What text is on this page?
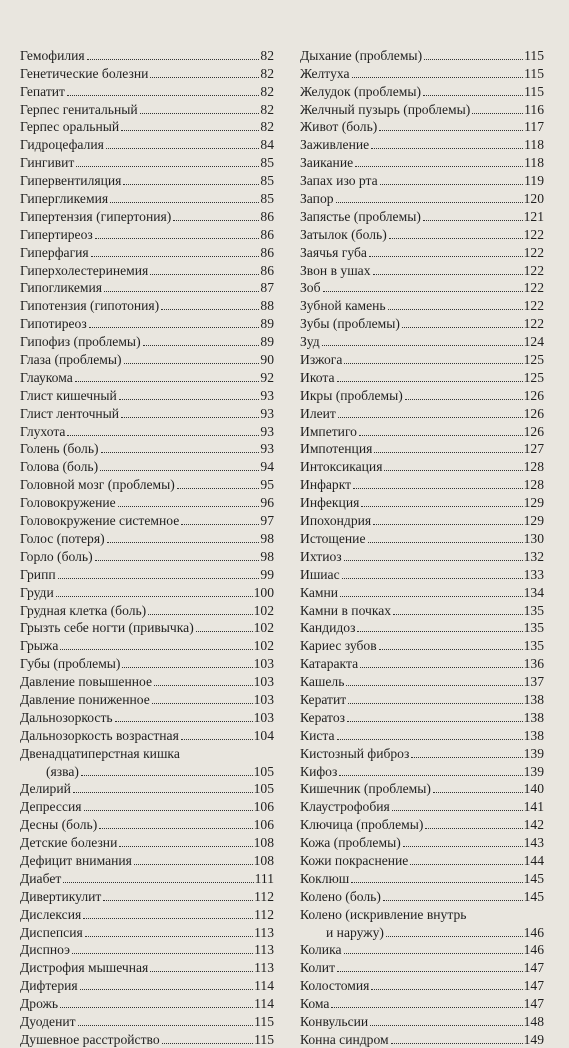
Гемофилия	82
Генетические болезни	82
Гепатит	82
Герпес генитальный	82
Герпес оральный	82
Гидроцефалия	84
Гингивит	85
Гипервентиляция	85
Гипергликемия	85
Гипертензия (гипертония)	86
Гипертиреоз	86
Гиперфагия	86
Гиперхолестеринемия	86
Гипогликемия	87
Гипотензия (гипотония)	88
Гипотиреоз	89
Гипофиз (проблемы)	89
Глаза (проблемы)	90
Глаукома	92
Глист кишечный	93
Глист ленточный	93
Глухота	93
Голень (боль)	93
Голова (боль)	94
Головной мозг (проблемы)	95
Головокружение	96
Головокружение системное	97
Голос (потеря)	98
Горло (боль)	98
Грипп	99
Груди	100
Грудная клетка (боль)	102
Грызть себе ногти (привычка)	102
Грыжа	102
Губы (проблемы)	103
Давление повышенное	103
Давление пониженное	103
Дальнозоркость	103
Дальнозоркость возрастная	104
Двенадцатиперстная кишка
(язва)	105
Делирий	105
Депрессия	106
Десны (боль)	106
Детские болезни	108
Дефицит внимания	108
Диабет	111
Дивертикулит	112
Дислексия	112
Диспепсия	113
Диспноэ	113
Дистрофия мышечная	113
Дифтерия	114
Дрожь	114
Дуоденит	115
Душевное расстройство	115
Дыхание (проблемы)	115
Желтуха	115
Желудок (проблемы)	115
Желчный пузырь (проблемы)	116
Живот (боль)	117
Заживление	118
Заикание	118
Запах изо рта	119
Запор	120
Запястье (проблемы)	121
Затылок (боль)	122
Заячья губа	122
Звон в ушах	122
Зоб	122
Зубной камень	122
Зубы (проблемы)	122
Зуд	124
Изжога	125
Икота	125
Икры (проблемы)	126
Илеит	126
Импетиго	126
Импотенция	127
Интоксикация	128
Инфаркт	128
Инфекция	129
Ипохондрия	129
Истощение	130
Ихтиоз	132
Ишиас	133
Камни	134
Камни в почках	135
Кандидоз	135
Кариес зубов	135
Катаракта	136
Кашель	137
Кератит	138
Кератоз	138
Киста	138
Кистозный фиброз	139
Кифоз	139
Кишечник (проблемы)	140
Клаустрофобия	141
Ключица (проблемы)	142
Кожа (проблемы)	143
Кожи покраснение	144
Коклюш	145
Колено (боль)	145
Колено (искривление внутрь
и наружу)	146
Колика	146
Колит	147
Колостомия	147
Кома	147
Конвульсии	148
Конна синдром	149
